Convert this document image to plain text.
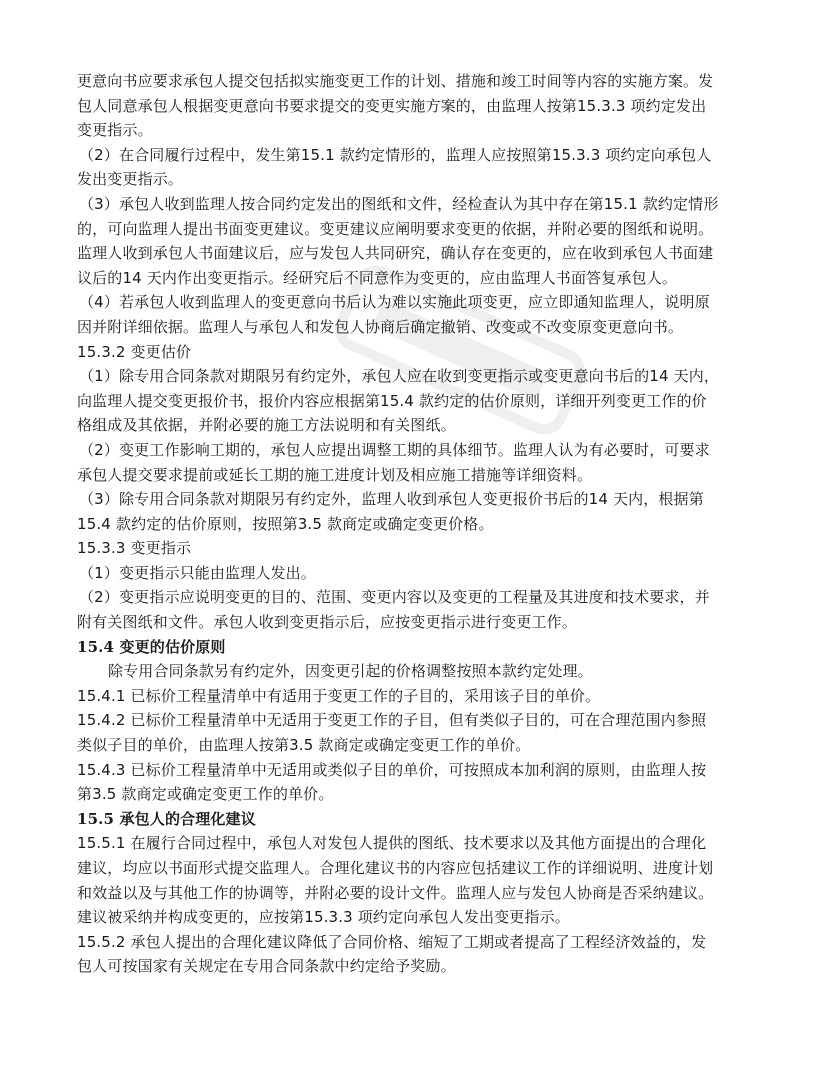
更意向书应要求承包人提交包括拟实施变更工作的计划、措施和竣工时间等内容的实施方案。发
包人同意承包人根据变更意向书要求提交的变更实施方案的，由监理人按第15.3.3 项约定发出
变更指示。
（2）在合同履行过程中，发生第15.1 款约定情形的，监理人应按照第15.3.3 项约定向承包人
发出变更指示。
（3）承包人收到监理人按合同约定发出的图纸和文件，经检查认为其中存在第15.1 款约定情形
的，可向监理人提出书面变更建议。变更建议应阐明要求变更的依据，并附必要的图纸和说明。
监理人收到承包人书面建议后，应与发包人共同研究，确认存在变更的，应在收到承包人书面建
议后的14 天内作出变更指示。经研究后不同意作为变更的，应由监理人书面答复承包人。
（4）若承包人收到监理人的变更意向书后认为难以实施此项变更，应立即通知监理人，说明原
因并附详细依据。监理人与承包人和发包人协商后确定撤销、改变或不改变原变更意向书。
15.3.2 变更估价
（1）除专用合同条款对期限另有约定外，承包人应在收到变更指示或变更意向书后的14 天内，
向监理人提交变更报价书，报价内容应根据第15.4 款约定的估价原则，详细开列变更工作的价
格组成及其依据，并附必要的施工方法说明和有关图纸。
（2）变更工作影响工期的，承包人应提出调整工期的具体细节。监理人认为有必要时，可要求
承包人提交要求提前或延长工期的施工进度计划及相应施工措施等详细资料。
（3）除专用合同条款对期限另有约定外，监理人收到承包人变更报价书后的14 天内，根据第
15.4 款约定的估价原则，按照第3.5 款商定或确定变更价格。
15.3.3 变更指示
（1）变更指示只能由监理人发出。
（2）变更指示应说明变更的目的、范围、变更内容以及变更的工程量及其进度和技术要求，并
附有关图纸和文件。承包人收到变更指示后，应按变更指示进行变更工作。
15.4 变更的估价原则
除专用合同条款另有约定外，因变更引起的价格调整按照本款约定处理。
15.4.1 已标价工程量清单中有适用于变更工作的子目的，采用该子目的单价。
15.4.2 已标价工程量清单中无适用于变更工作的子目，但有类似子目的，可在合理范围内参照
类似子目的单价，由监理人按第3.5 款商定或确定变更工作的单价。
15.4.3 已标价工程量清单中无适用或类似子目的单价，可按照成本加利润的原则，由监理人按
第3.5 款商定或确定变更工作的单价。
15.5 承包人的合理化建议
15.5.1 在履行合同过程中，承包人对发包人提供的图纸、技术要求以及其他方面提出的合理化
建议，均应以书面形式提交监理人。合理化建议书的内容应包括建议工作的详细说明、进度计划
和效益以及与其他工作的协调等，并附必要的设计文件。监理人应与发包人协商是否采纳建议。
建议被采纳并构成变更的，应按第15.3.3 项约定向承包人发出变更指示。
15.5.2 承包人提出的合理化建议降低了合同价格、缩短了工期或者提高了工程经济效益的，发
包人可按国家有关规定在专用合同条款中约定给予奖励。
